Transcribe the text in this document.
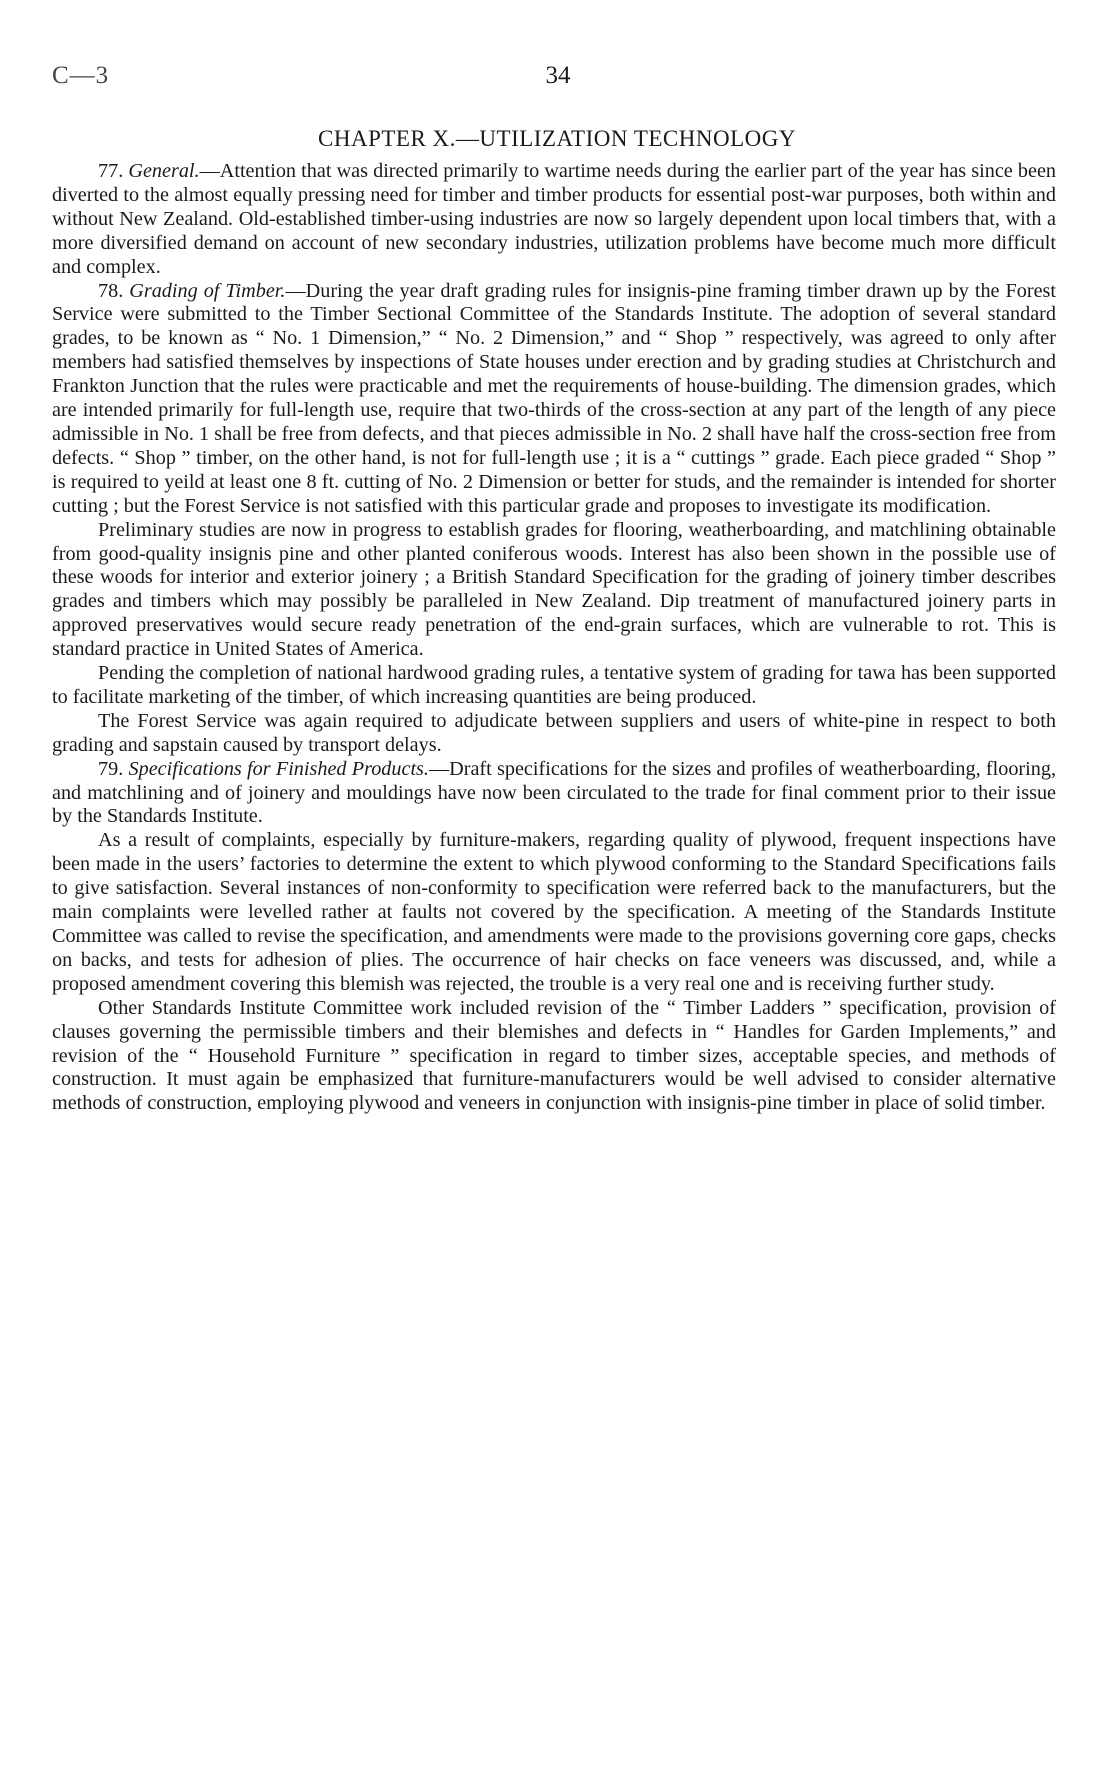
C—3	34
CHAPTER X.—UTILIZATION TECHNOLOGY

77. General.—Attention that was directed primarily to wartime needs during the earlier part of the year has since been diverted to the almost equally pressing need for timber and timber products for essential post-war purposes, both within and without New Zealand. Old-established timber-using industries are now so largely dependent upon local timbers that, with a more diversified demand on account of new secondary industries, utilization problems have become much more difficult and complex.

78. Grading of Timber.—During the year draft grading rules for insignis-pine framing timber drawn up by the Forest Service were submitted to the Timber Sectional Committee of the Standards Institute. The adoption of several standard grades, to be known as “ No. 1 Dimension,” “ No. 2 Dimension,” and “ Shop ” respectively, was agreed to only after members had satisfied themselves by inspections of State houses under erection and by grading studies at Christchurch and Frankton Junction that the rules were practicable and met the requirements of house-building. The dimension grades, which are intended primarily for full-length use, require that two-thirds of the cross-section at any part of the length of any piece admissible in No. 1 shall be free from defects, and that pieces admissible in No. 2 shall have half the cross-section free from defects. “ Shop ” timber, on the other hand, is not for full-length use ; it is a “ cuttings ” grade. Each piece graded “ Shop ” is required to yeild at least one 8 ft. cutting of No. 2 Dimension or better for studs, and the remainder is intended for shorter cutting ; but the Forest Service is not satisfied with this particular grade and proposes to investigate its modification.

Preliminary studies are now in progress to establish grades for flooring, weatherboarding, and matchlining obtainable from good-quality insignis pine and other planted coniferous woods. Interest has also been shown in the possible use of these woods for interior and exterior joinery ; a British Standard Specification for the grading of joinery timber describes grades and timbers which may possibly be paralleled in New Zealand. Dip treatment of manufactured joinery parts in approved preservatives would secure ready penetration of the end-grain surfaces, which are vulnerable to rot. This is standard practice in United States of America.

Pending the completion of national hardwood grading rules, a tentative system of grading for tawa has been supported to facilitate marketing of the timber, of which increasing quantities are being produced.

The Forest Service was again required to adjudicate between suppliers and users of white-pine in respect to both grading and sapstain caused by transport delays.

79. Specifications for Finished Products.—Draft specifications for the sizes and profiles of weatherboarding, flooring, and matchlining and of joinery and mouldings have now been circulated to the trade for final comment prior to their issue by the Standards Institute.

As a result of complaints, especially by furniture-makers, regarding quality of plywood, frequent inspections have been made in the users’ factories to determine the extent to which plywood conforming to the Standard Specifications fails to give satisfaction. Several instances of non-conformity to specification were referred back to the manufacturers, but the main complaints were levelled rather at faults not covered by the specification. A meeting of the Standards Institute Committee was called to revise the specification, and amendments were made to the provisions governing core gaps, checks on backs, and tests for adhesion of plies. The occurrence of hair checks on face veneers was discussed, and, while a proposed amendment covering this blemish was rejected, the trouble is a very real one and is receiving further study.

Other Standards Institute Committee work included revision of the “ Timber Ladders ” specification, provision of clauses governing the permissible timbers and their blemishes and defects in “ Handles for Garden Implements,” and revision of the “ Household Furniture ” specification in regard to timber sizes, acceptable species, and methods of construction. It must again be emphasized that furniture-manufacturers would be well advised to consider alternative methods of construction, employing plywood and veneers in conjunction with insignis-pine timber in place of solid timber.
